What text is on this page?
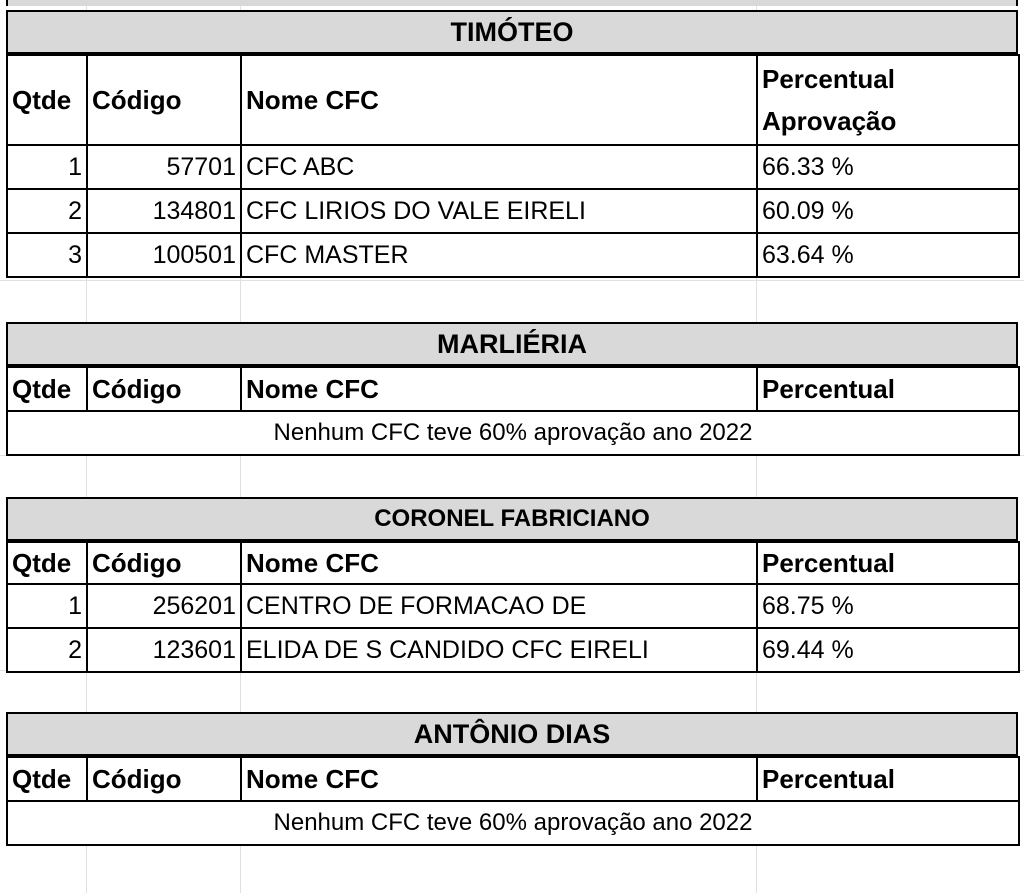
TIMÓTEO
Qtde	Código	Nome CFC	Percentual
Aprovação
1	57701	CFC ABC	66.33 %
2	134801	CFC LIRIOS DO VALE EIRELI	60.09 %
3	100501	CFC MASTER	63.64 %
MARLIÉRIA
Qtde	Código	Nome CFC	Percentual
Nenhum CFC teve 60% aprovação ano 2022
CORONEL FABRICIANO
Qtde	Código	Nome CFC	Percentual
1	256201	CENTRO DE FORMACAO DE	68.75 %
2	123601	ELIDA DE S CANDIDO CFC EIRELI	69.44 %
ANTÔNIO DIAS
Qtde	Código	Nome CFC	Percentual
Nenhum CFC teve 60% aprovação ano 2022
